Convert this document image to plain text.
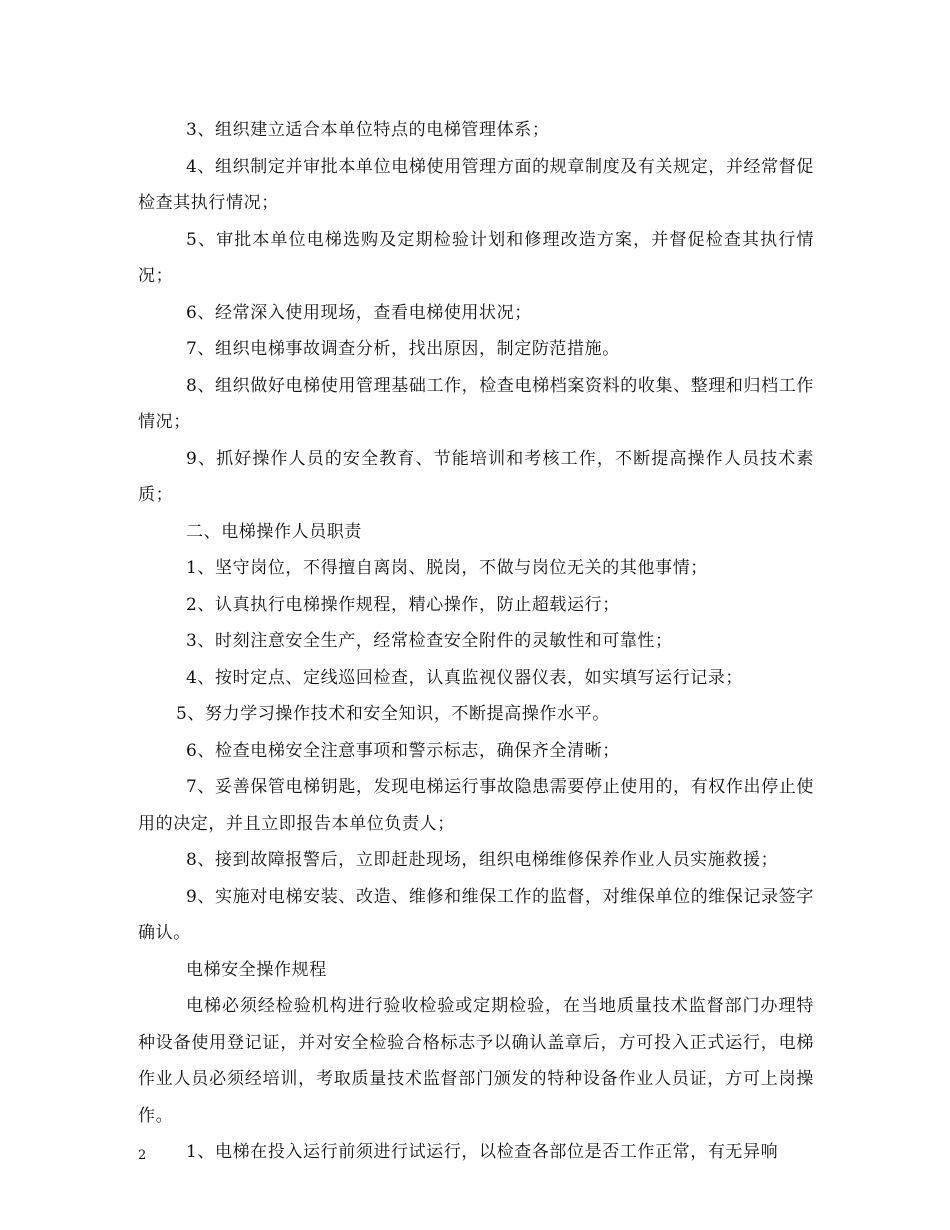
3、组织建立适合本单位特点的电梯管理体系；

4、组织制定并审批本单位电梯使用管理方面的规章制度及有关规定，并经常督促检查其执行情况；

5、审批本单位电梯选购及定期检验计划和修理改造方案，并督促检查其执行情况；

6、经常深入使用现场，查看电梯使用状况；

7、组织电梯事故调查分析，找出原因，制定防范措施。

8、组织做好电梯使用管理基础工作，检查电梯档案资料的收集、整理和归档工作情况；

9、抓好操作人员的安全教育、节能培训和考核工作，不断提高操作人员技术素质；

二、电梯操作人员职责

1、坚守岗位，不得擅自离岗、脱岗，不做与岗位无关的其他事情；

2、认真执行电梯操作规程，精心操作，防止超载运行；

3、时刻注意安全生产，经常检查安全附件的灵敏性和可靠性；

4、按时定点、定线巡回检查，认真监视仪器仪表，如实填写运行记录；

5、努力学习操作技术和安全知识，不断提高操作水平。

6、检查电梯安全注意事项和警示标志，确保齐全清晰；

7、妥善保管电梯钥匙，发现电梯运行事故隐患需要停止使用的，有权作出停止使用的决定，并且立即报告本单位负责人；

8、接到故障报警后，立即赶赴现场，组织电梯维修保养作业人员实施救援；

9、实施对电梯安装、改造、维修和维保工作的监督，对维保单位的维保记录签字确认。

电梯安全操作规程

电梯必须经检验机构进行验收检验或定期检验，在当地质量技术监督部门办理特种设备使用登记证，并对安全检验合格标志予以确认盖章后，方可投入正式运行，电梯作业人员必须经培训，考取质量技术监督部门颁发的特种设备作业人员证，方可上岗操作。

1、电梯在投入运行前须进行试运行，以检查各部位是否工作正常，有无异响

2
